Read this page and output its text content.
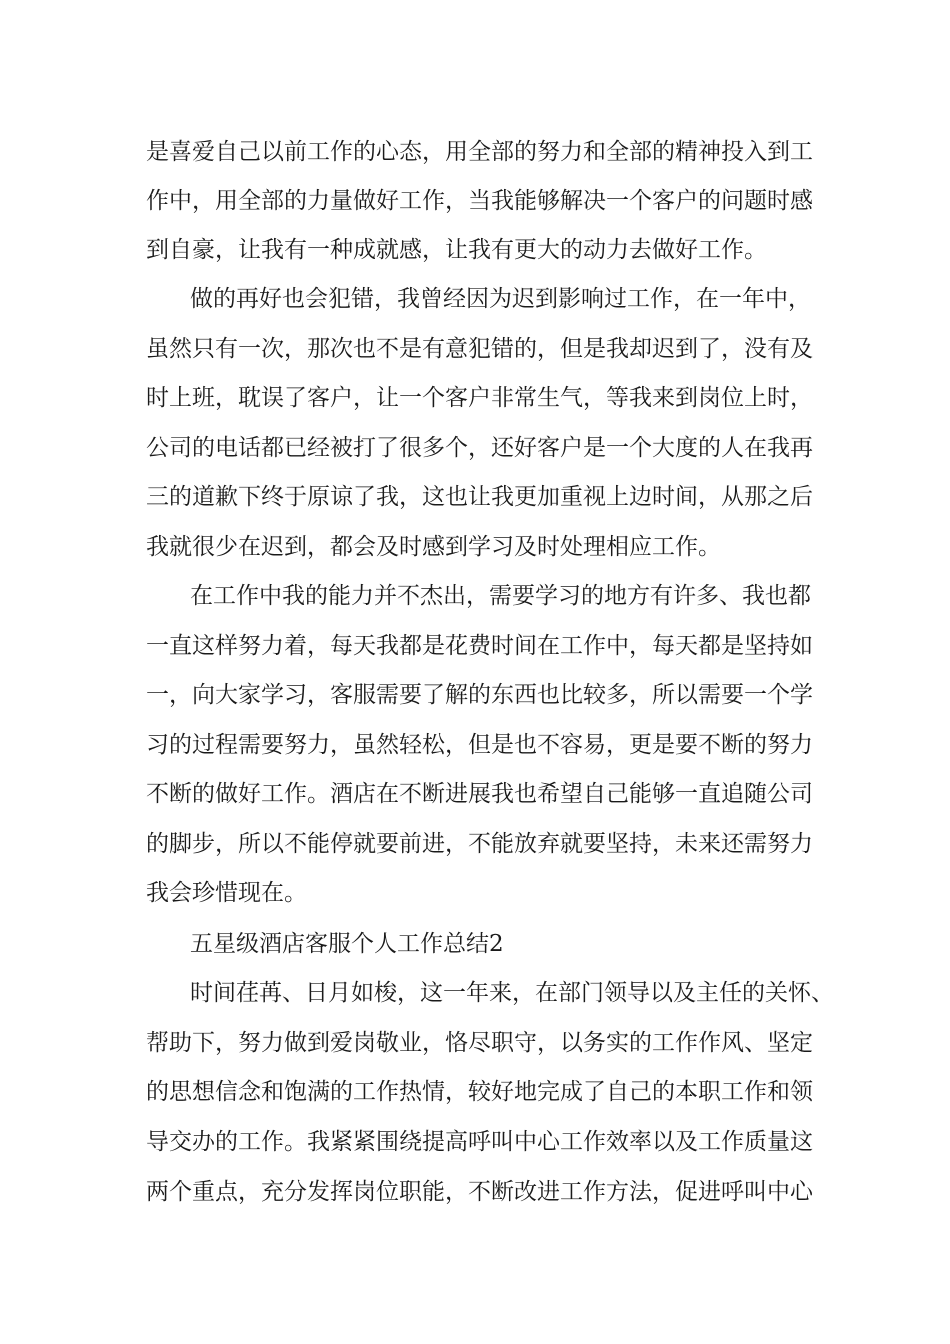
是喜爱自己以前工作的心态，用全部的努力和全部的精神投入到工
作中，用全部的力量做好工作，当我能够解决一个客户的问题时感
到自豪，让我有一种成就感，让我有更大的动力去做好工作。
做的再好也会犯错，我曾经因为迟到影响过工作，在一年中，
虽然只有一次，那次也不是有意犯错的，但是我却迟到了，没有及
时上班，耽误了客户，让一个客户非常生气，等我来到岗位上时，
公司的电话都已经被打了很多个，还好客户是一个大度的人在我再
三的道歉下终于原谅了我，这也让我更加重视上边时间，从那之后
我就很少在迟到，都会及时感到学习及时处理相应工作。
在工作中我的能力并不杰出，需要学习的地方有许多、我也都
一直这样努力着，每天我都是花费时间在工作中，每天都是坚持如
一，向大家学习，客服需要了解的东西也比较多，所以需要一个学
习的过程需要努力，虽然轻松，但是也不容易，更是要不断的努力
不断的做好工作。酒店在不断进展我也希望自己能够一直追随公司
的脚步，所以不能停就要前进，不能放弃就要坚持，未来还需努力
我会珍惜现在。
五星级酒店客服个人工作总结2
时间荏苒、日月如梭，这一年来，在部门领导以及主任的关怀、
帮助下，努力做到爱岗敬业，恪尽职守，以务实的工作作风、坚定
的思想信念和饱满的工作热情，较好地完成了自己的本职工作和领
导交办的工作。我紧紧围绕提高呼叫中心工作效率以及工作质量这
两个重点，充分发挥岗位职能，不断改进工作方法，促进呼叫中心
